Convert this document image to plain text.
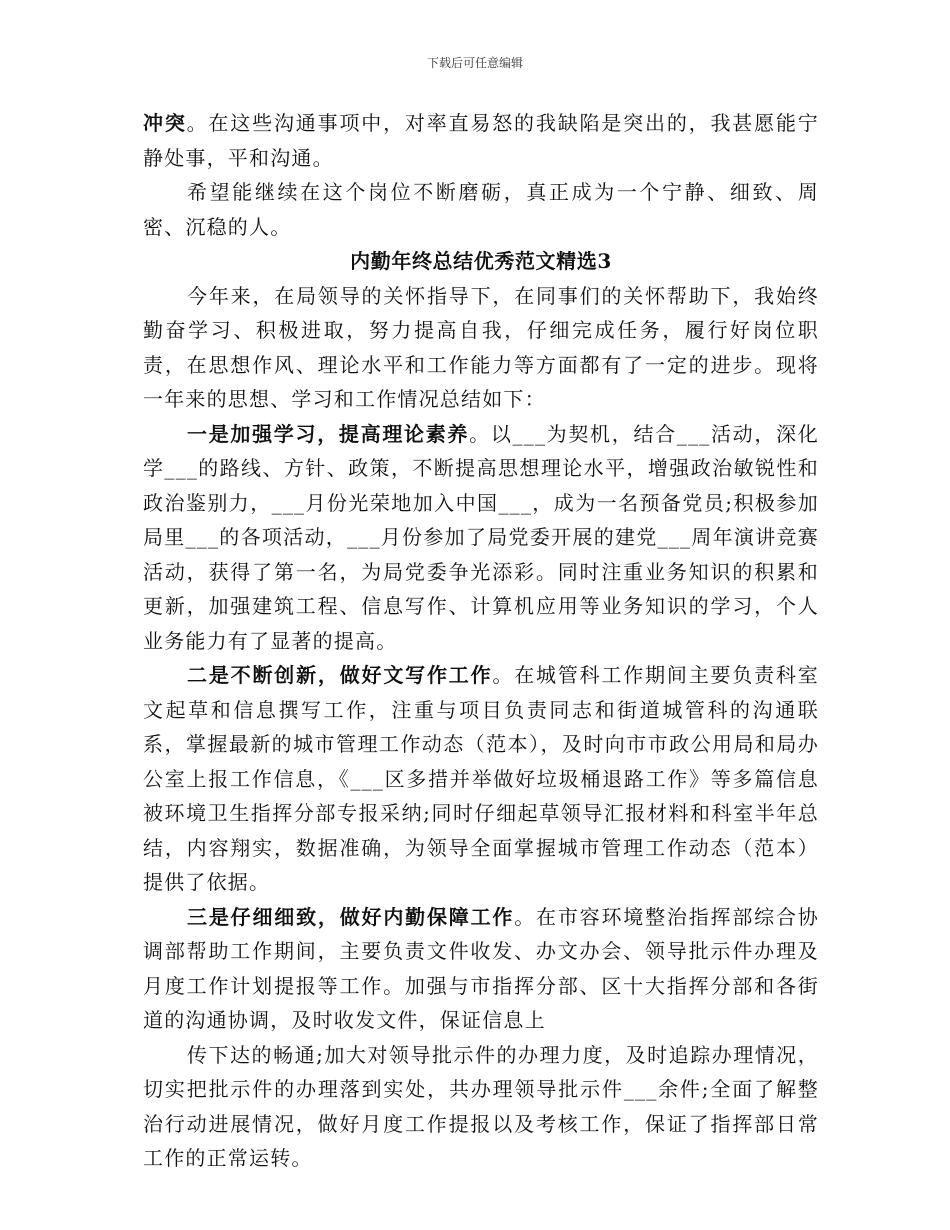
下载后可任意编辑

冲突。在这些沟通事项中，对率直易怒的我缺陷是突出的，我甚愿能宁静处事，平和沟通。

希望能继续在这个岗位不断磨砺，真正成为一个宁静、细致、周密、沉稳的人。

内勤年终总结优秀范文精选3

今年来，在局领导的关怀指导下，在同事们的关怀帮助下，我始终勤奋学习、积极进取，努力提高自我，仔细完成任务，履行好岗位职责，在思想作风、理论水平和工作能力等方面都有了一定的进步。现将一年来的思想、学习和工作情况总结如下：

一是加强学习，提高理论素养。以___为契机，结合___活动，深化学___的路线、方针、政策，不断提高思想理论水平，增强政治敏锐性和政治鉴别力，___月份光荣地加入中国___，成为一名预备党员;积极参加局里___的各项活动，___月份参加了局党委开展的建党___周年演讲竞赛活动，获得了第一名，为局党委争光添彩。同时注重业务知识的积累和更新，加强建筑工程、信息写作、计算机应用等业务知识的学习，个人业务能力有了显著的提高。

二是不断创新，做好文写作工作。在城管科工作期间主要负责科室文起草和信息撰写工作，注重与项目负责同志和街道城管科的沟通联系，掌握最新的城市管理工作动态（范本），及时向市市政公用局和局办公室上报工作信息，《___区多措并举做好垃圾桶退路工作》等多篇信息被环境卫生指挥分部专报采纳;同时仔细起草领导汇报材料和科室半年总结，内容翔实，数据准确，为领导全面掌握城市管理工作动态（范本）提供了依据。

三是仔细细致，做好内勤保障工作。在市容环境整治指挥部综合协调部帮助工作期间，主要负责文件收发、办文办会、领导批示件办理及月度工作计划提报等工作。加强与市指挥分部、区十大指挥分部和各街道的沟通协调，及时收发文件，保证信息上

传下达的畅通;加大对领导批示件的办理力度，及时追踪办理情况，切实把批示件的办理落到实处，共办理领导批示件___余件;全面了解整治行动进展情况，做好月度工作提报以及考核工作，保证了指挥部日常工作的正常运转。
